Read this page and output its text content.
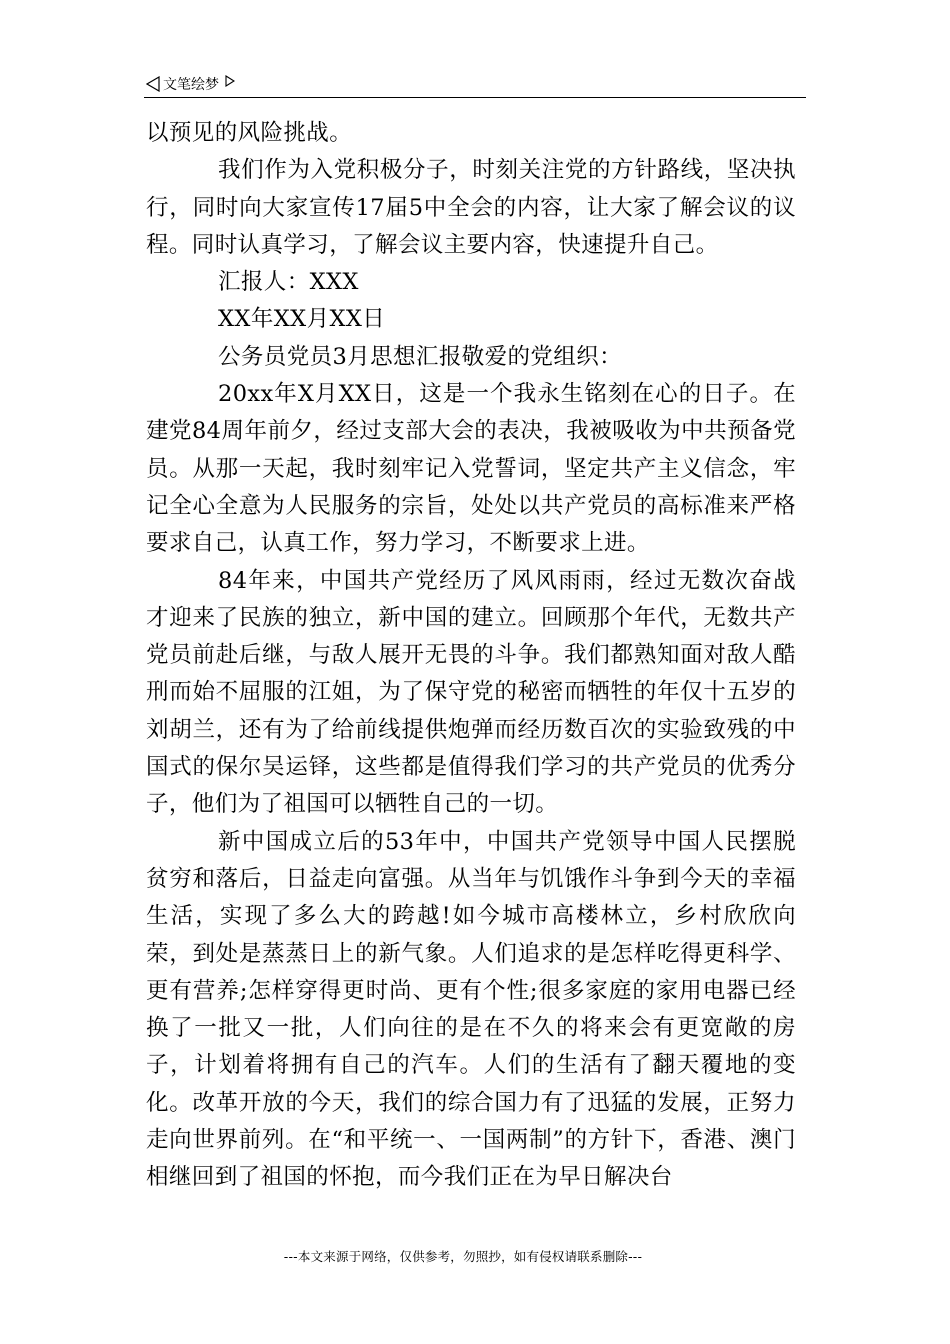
文笔绘梦

以预见的风险挑战。

我们作为入党积极分子，时刻关注党的方针路线，坚决执行，同时向大家宣传17届5中全会的内容，让大家了解会议的议程。同时认真学习，了解会议主要内容，快速提升自己。

汇报人：XXX

XX年XX月XX日

公务员党员3月思想汇报敬爱的党组织：

20xx年X月XX日，这是一个我永生铭刻在心的日子。在建党84周年前夕，经过支部大会的表决，我被吸收为中共预备党员。从那一天起，我时刻牢记入党誓词，坚定共产主义信念，牢记全心全意为人民服务的宗旨，处处以共产党员的高标准来严格要求自己，认真工作，努力学习，不断要求上进。

84年来，中国共产党经历了风风雨雨，经过无数次奋战才迎来了民族的独立，新中国的建立。回顾那个年代，无数共产党员前赴后继，与敌人展开无畏的斗争。我们都熟知面对敌人酷刑而始不屈服的江姐，为了保守党的秘密而牺牲的年仅十五岁的刘胡兰，还有为了给前线提供炮弹而经历数百次的实验致残的中国式的保尔吴运铎，这些都是值得我们学习的共产党员的优秀分子，他们为了祖国可以牺牲自己的一切。

新中国成立后的53年中，中国共产党领导中国人民摆脱贫穷和落后，日益走向富强。从当年与饥饿作斗争到今天的幸福生活，实现了多么大的跨越!如今城市高楼林立，乡村欣欣向荣，到处是蒸蒸日上的新气象。人们追求的是怎样吃得更科学、更有营养;怎样穿得更时尚、更有个性;很多家庭的家用电器已经换了一批又一批，人们向往的是在不久的将来会有更宽敞的房子，计划着将拥有自己的汽车。人们的生活有了翻天覆地的变化。改革开放的今天，我们的综合国力有了迅猛的发展，正努力走向世界前列。在“和平统一、一国两制”的方针下，香港、澳门相继回到了祖国的怀抱，而今我们正在为早日解决台

---本文来源于网络，仅供参考，勿照抄，如有侵权请联系删除---
